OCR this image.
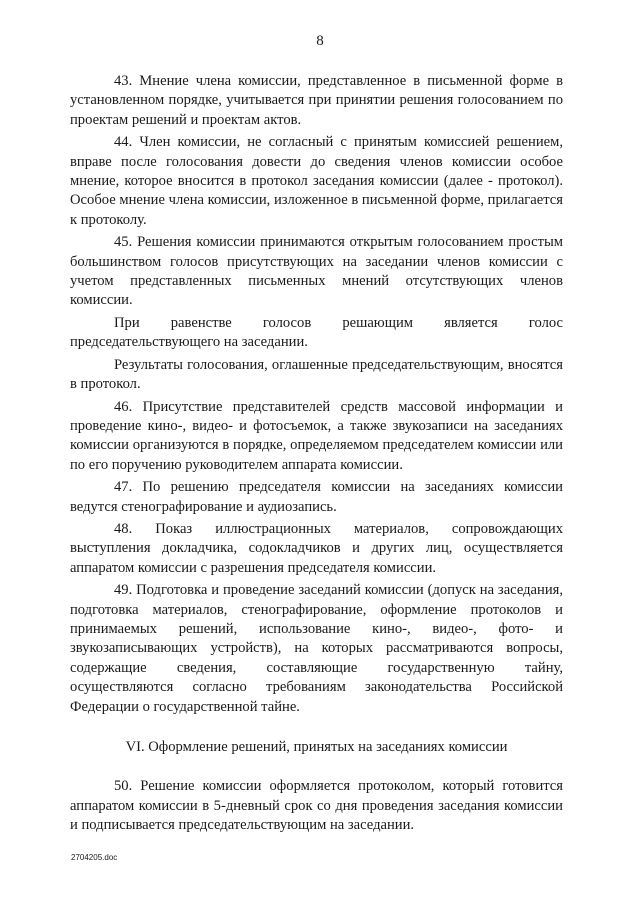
8

43. Мнение члена комиссии, представленное в письменной форме в установленном порядке, учитывается при принятии решения голосованием по проектам решений и проектам актов.

44. Член комиссии, не согласный с принятым комиссией решением, вправе после голосования довести до сведения членов комиссии особое мнение, которое вносится в протокол заседания комиссии (далее - протокол). Особое мнение члена комиссии, изложенное в письменной форме, прилагается к протоколу.

45. Решения комиссии принимаются открытым голосованием простым большинством голосов присутствующих на заседании членов комиссии с учетом представленных письменных мнений отсутствующих членов комиссии.

При равенстве голосов решающим является голос председательствующего на заседании.

Результаты голосования, оглашенные председательствующим, вносятся в протокол.

46. Присутствие представителей средств массовой информации и проведение кино-, видео- и фотосъемок, а также звукозаписи на заседаниях комиссии организуются в порядке, определяемом председателем комиссии или по его поручению руководителем аппарата комиссии.

47. По решению председателя комиссии на заседаниях комиссии ведутся стенографирование и аудиозапись.

48. Показ иллюстрационных материалов, сопровождающих выступления докладчика, содокладчиков и других лиц, осуществляется аппаратом комиссии с разрешения председателя комиссии.

49. Подготовка и проведение заседаний комиссии (допуск на заседания, подготовка материалов, стенографирование, оформление протоколов и принимаемых решений, использование кино-, видео-, фото- и звукозаписывающих устройств), на которых рассматриваются вопросы, содержащие сведения, составляющие государственную тайну, осуществляются согласно требованиям законодательства Российской Федерации о государственной тайне.

VI. Оформление решений, принятых на заседаниях комиссии

50. Решение комиссии оформляется протоколом, который готовится аппаратом комиссии в 5-дневный срок со дня проведения заседания комиссии и подписывается председательствующим на заседании.

2704205.doc
